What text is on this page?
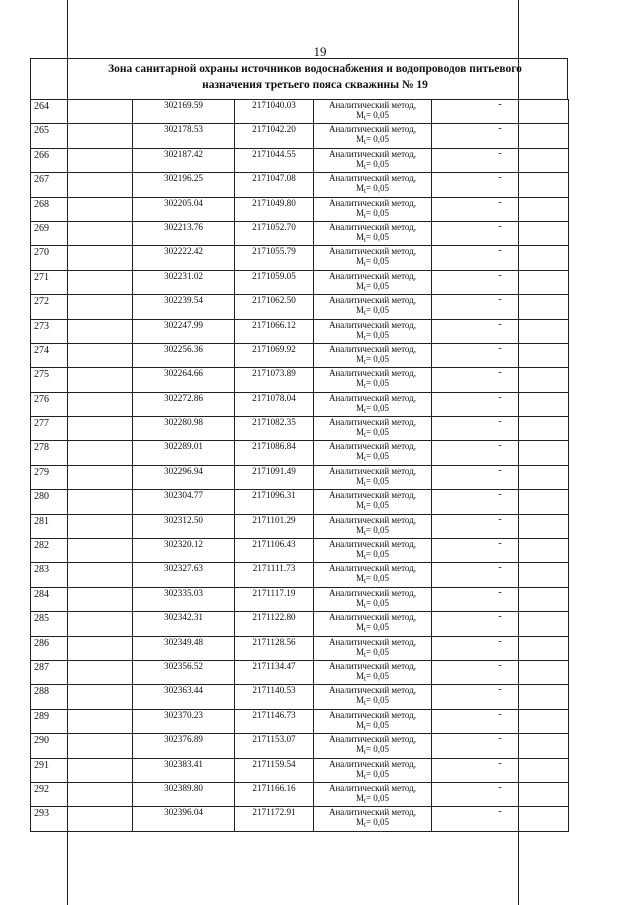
19
Зона санитарной охраны источников водоснабжения и водопроводов питьевого
назначения третьего пояса скважины № 19
264		302169.59	2171040.03	Аналитический метод,
$M_t= 0,05$	-
265		302178.53	2171042.20	Аналитический метод,
$M_t= 0,05$	-
266		302187.42	2171044.55	Аналитический метод,
$M_t= 0,05$	-
267		302196.25	2171047.08	Аналитический метод,
$M_t= 0,05$	-
268		302205.04	2171049.80	Аналитический метод,
$M_t= 0,05$	-
269		302213.76	2171052.70	Аналитический метод,
$M_t= 0,05$	-
270		302222.42	2171055.79	Аналитический метод,
$M_t= 0,05$	-
271		302231.02	2171059.05	Аналитический метод,
$M_t= 0,05$	-
272		302239.54	2171062.50	Аналитический метод,
$M_t= 0,05$	-
273		302247.99	2171066.12	Аналитический метод,
$M_t= 0,05$	-
274		302256.36	2171069.92	Аналитический метод,
$M_t= 0,05$	-
275		302264.66	2171073.89	Аналитический метод,
$M_t= 0,05$	-
276		302272.86	2171078.04	Аналитический метод,
$M_t= 0,05$	-
277		302280.98	2171082.35	Аналитический метод,
$M_t= 0,05$	-
278		302289.01	2171086.84	Аналитический метод,
$M_t= 0,05$	-
279		302296.94	2171091.49	Аналитический метод,
$M_t= 0,05$	-
280		302304.77	2171096.31	Аналитический метод,
$M_t= 0,05$	-
281		302312.50	2171101.29	Аналитический метод,
$M_t= 0,05$	-
282		302320.12	2171106.43	Аналитический метод,
$M_t= 0,05$	-
283		302327.63	2171111.73	Аналитический метод,
$M_t= 0,05$	-
284		302335.03	2171117.19	Аналитический метод,
$M_t= 0,05$	-
285		302342.31	2171122.80	Аналитический метод,
$M_t= 0,05$	-
286		302349.48	2171128.56	Аналитический метод,
$M_t= 0,05$	-
287		302356.52	2171134.47	Аналитический метод,
$M_t= 0,05$	-
288		302363.44	2171140.53	Аналитический метод,
$M_t= 0,05$	-
289		302370.23	2171146.73	Аналитический метод,
$M_t= 0,05$	-
290		302376.89	2171153.07	Аналитический метод,
$M_t= 0,05$	-
291		302383.41	2171159.54	Аналитический метод,
$M_t= 0,05$	-
292		302389.80	2171166.16	Аналитический метод,
$M_t= 0,05$	-
293		302396.04	2171172.91	Аналитический метод,
$M_t= 0,05$	-
